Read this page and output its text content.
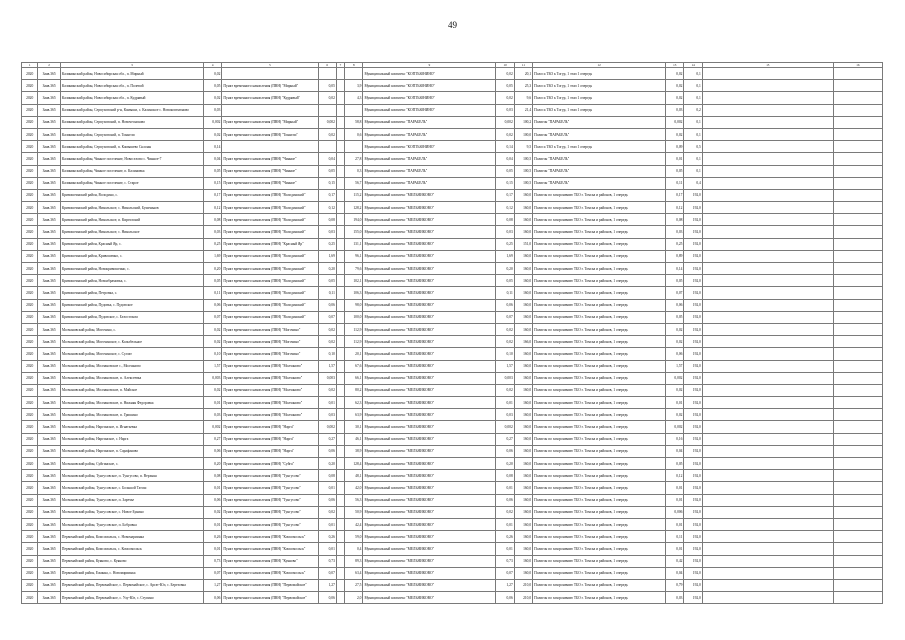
49
1	2	3	4	5	6	7	8	9	10	11	12	13	14	15	16
2020	Заяв.365	Калининский район, Новосибирская обл., п. Мирный	0,02					Муниципальный комплекс "КОПТЬЮНИНО"	0,02	20,1	Полоса ТБО к Тогур, 1 этап 1 очередь	0,02	0,1		
2020	Заяв.365	Калининский район, Новосибирская обл., п. Полевой	0,05	Пункт временного накопления (ПВН) "Мирный"	0,05		3,9	Муниципальный комплекс "КОПТЬЮНИНО"	0,05	25,3	Полоса ТБО к Тогур, 1 этап 1 очередь	0,02	0,1		
2020	Заяв.365	Калининский район, Новосибирская обл., п. Кудрявый	0,02	Пункт временного накопления (ПВН) "Кудрявый"	0,02		4,3	Муниципальный комплекс "КОПТЬЮНИНО"	0,02	9,6	Полоса ТБО к Тогур, 1 этап 1 очередь	0,02	0,1		
2020	Заяв.365	Калининский район, Серпуховский р-н, Камыши, с. Калинское с. Новокоптьюново	0,03					Муниципальный комплекс "КОПТЬЮНИНО"	0,03	21,4	Полоса ТБО к Тогур, 1 этап 1 очередь	0,03	0,2		
2020	Заяв.365	Калининский район, Серпуховский, п. Новочесноково	0,002	Пункт временного накопления (ПВН) "Мирный"	0,002		58,8	Муниципальный комплекс "ПАРАБЕЛЬ"	0,002	100,2	Полигон "ПАРАБЕЛЬ"	0,002	0,1		
2020	Заяв.365	Калининский район, Серпуховский, п. Тоннели	0,02	Пункт временного накопления (ПВН) "Тоннели"	0,02		0,6	Муниципальный комплекс "ПАРАБЕЛЬ"	0,02	100,0	Полигон "ПАРАБЕЛЬ"	0,02	0,1		
2020	Заяв.365	Калининский район, Серпуховский, п. Камышево Склоны	0,14					Муниципальный комплекс "КОПТЬЮНИНО"	0,14	9,5	Полоса ТБО к Тогур, 1 этап 1 очередь	0,09	0,5		
2020	Заяв.365	Калининский район, Чинное поселение, Новоселово с. Чинное-7	0,04	Пункт временного накопления (ПВН) "Чинное"	0,04		27,8	Муниципальный комплекс "ПАРАБЕЛЬ"	0,04	100,5	Полигон "ПАРАБЕЛЬ"	0,01	0,1		
2020	Заяв.365	Калининский район, Чинное поселение, п. Калиновка	0,05	Пункт временного накопления (ПВН) "Чинное"	0,05		0,3	Муниципальный комплекс "ПАРАБЕЛЬ"	0,05	100,5	Полигон "ПАРАБЕЛЬ"	0,05	0,1		
2020	Заяв.365	Калининский район, Чинное поселение, с. Старое	0,15	Пункт временного накопления (ПВН) "Чинное"	0,15		56,7	Муниципальный комплекс "ПАРАБЕЛЬ"	0,15	100,5	Полигон "ПАРАБЕЛЬ"	0,11	0,4		
2020	Заяв.365	Кривошеинский район, Володино, с.	0,17	Пункт временного накопления (ПВН) "Володинский"	0,17		115,2	Муниципальный комплекс "МЕЛЬНИКОВО"	0,17	160,0	Полигон по захоронению ТБО г. Томска и районов, 1 очередь	0,17	192,0		
2020	Заяв.365	Кривошеинский район, Никольское, с. Никольский, Бушеньков	0,12	Пункт временного накопления (ПВН) "Володинский"	0,12		128,2	Муниципальный комплекс "МЕЛЬНИКОВО"	0,12	160,0	Полигон по захоронению ТБО г. Томска и районов, 1 очередь	0,12	192,0		
2020	Заяв.365	Кривошеинский район, Никольское, п. Киргизский	0,08	Пункт временного накопления (ПВН) "Володинский"	0,08		194,0	Муниципальный комплекс "МЕЛЬНИКОВО"	0,08	160,0	Полигон по захоронению ТБО г. Томска и районов, 1 очередь	0,08	192,0		
2020	Заяв.365	Кривошеинский район, Никольское, с. Никольское	0,03	Пункт временного накопления (ПВН) "Володинский"	0,03		155,0	Муниципальный комплекс "МЕЛЬНИКОВО"	0,03	160,0	Полигон по захоронению ТБО г. Томска и районов, 1 очередь	0,03	192,0		
2020	Заяв.365	Кривошеинский район, Красный Яр, с.	0,25	Пункт временного накопления (ПВН) "Красный Яр"	0,25		131,1	Муниципальный комплекс "МЕЛЬНИКОВО"	0,25	151,0	Полигон по захоронению ТБО г. Томска и районов, 1 очередь	0,25	192,0		
2020	Заяв.365	Кривошеинский район, Кривошеино, с.	1,69	Пункт временного накопления (ПВН) "Володинский"	1,69		96,1	Муниципальный комплекс "МЕЛЬНИКОВО"	1,69	160,0	Полигон по захоронению ТБО г. Томска и районов, 1 очередь	0,89	192,0		
2020	Заяв.365	Кривошеинский район, Новокривошеино, с.	0,20	Пункт временного накопления (ПВН) "Володинский"	0,20		79,6	Муниципальный комплекс "МЕЛЬНИКОВО"	0,20	160,0	Полигон по захоронению ТБО г. Томска и районов, 1 очередь	0,14	192,0		
2020	Заяв.365	Кривошеинский район, Новоабрамовка, с.	0,05	Пункт временного накопления (ПВН) "Володинский"	0,05		102,1	Муниципальный комплекс "МЕЛЬНИКОВО"	0,05	160,0	Полигон по захоронению ТБО г. Томска и районов, 1 очередь	0,05	192,0		
2020	Заяв.365	Кривошеинский район, Петровка, с.	0,11	Пункт временного накопления (ПВН) "Володинский"	0,11		106,3	Муниципальный комплекс "МЕЛЬНИКОВО"	0,11	160,0	Полигон по захоронению ТБО г. Томска и районов, 1 очередь	0,07	192,0		
2020	Заяв.365	Кривошеинский район, Пудовка, с. Пудовское	0,06	Пункт временного накопления (ПВН) "Володинский"	0,06		98,0	Муниципальный комплекс "МЕЛЬНИКОВО"	0,06	160,0	Полигон по захоронению ТБО г. Томска и районов, 1 очередь	0,06	192,0		
2020	Заяв.365	Кривошеинский район, Пудовское, с. Белостоком	0,07	Пункт временного накопления (ПВН) "Володинский"	0,07		100,0	Муниципальный комплекс "МЕЛЬНИКОВО"	0,07	160,0	Полигон по захоронению ТБО г. Томска и районов, 1 очередь	0,05	192,0		
2020	Заяв.365	Молчановский район, Могочино, с.	0,02	Пункт временного накопления (ПВН) "Могочино"	0,02		112,9	Муниципальный комплекс "МЕЛЬНИКОВО"	0,02	160,0	Полигон по захоронению ТБО г. Томска и районов, 1 очередь	0,02	192,0		
2020	Заяв.365	Молчановский район, Могочинское, с. Колыбельное	0,02	Пункт временного накопления (ПВН) "Могочино"	0,02		112,9	Муниципальный комплекс "МЕЛЬНИКОВО"	0,02	166,0	Полигон по захоронению ТБО г. Томска и районов, 1 очередь	0,02	192,0		
2020	Заяв.365	Молчановский район, Могочинское, с. Сулзат	0,10	Пункт временного накопления (ПВН) "Могочино"	0,10		20,1	Муниципальный комплекс "МЕЛЬНИКОВО"	0,10	160,0	Полигон по захоронению ТБО г. Томска и районов, 1 очередь	0,06	192,0		
2020	Заяв.365	Молчановский район, Молчановское с., Молчаново	1,57	Пункт временного накопления (ПВН) "Молчаново"	1,57		67,6	Муниципальный комплекс "МЕЛЬНИКОВО"	1,57	160,0	Полигон по захоронению ТБО г. Томска и районов, 1 очередь	1,57	192,0		
2020	Заяв.365	Молчановский район, Молчановское, п. Алексеевка	0,003	Пункт временного накопления (ПВН) "Молчаново"	0,003		66,1	Муниципальный комплекс "МЕЛЬНИКОВО"	0,003	160,0	Полигон по захоронению ТБО г. Томска и районов, 1 очередь	0,002	192,0		
2020	Заяв.365	Молчановский район, Молчановское, п. Майское	0,02	Пункт временного накопления (ПВН) "Молчаново"	0,02		80,2	Муниципальный комплекс "МЕЛЬНИКОВО"	0,02	160,0	Полигон по захоронению ТБО г. Томска и районов, 1 очередь	0,02	192,0		
2020	Заяв.365	Молчановский район, Молчановское, п. Нижняя Федоровка	0,01	Пункт временного накопления (ПВН) "Молчаново"	0,01		62,3	Муниципальный комплекс "МЕЛЬНИКОВО"	0,01	160,0	Полигон по захоронению ТБО г. Томска и районов, 1 очередь	0,01	192,0		
2020	Заяв.365	Молчановский район, Молчановское, п. Гришино	0,03	Пункт временного накопления (ПВН) "Молчаново"	0,03		63,9	Муниципальный комплекс "МЕЛЬНИКОВО"	0,03	160,0	Полигон по захоронению ТБО г. Томска и районов, 1 очередь	0,02	192,0		
2020	Заяв.365	Молчановский район, Наргинское, п. Игнатьевка	0,002	Пункт временного накопления (ПВН) "Нарга"	0,002		30,1	Муниципальный комплекс "МЕЛЬНИКОВО"	0,002	160,0	Полигон по захоронению ТБО г. Томска и районов, 1 очередь	0,002	192,0		
2020	Заяв.365	Молчановский район, Наргинское, с. Нарга	0,27	Пункт временного накопления (ПВН) "Нарга"	0,27		46,1	Муниципальный комплекс "МЕЛЬНИКОВО"	0,27	160,0	Полигон по захоронению ТБО г. Томска и районов, 1 очередь	0,16	192,0		
2020	Заяв.365	Молчановский район, Наргинское, п. Сарафаново	0,06	Пункт временного накопления (ПВН) "Нарга"	0,06		38,9	Муниципальный комплекс "МЕЛЬНИКОВО"	0,06	160,0	Полигон по захоронению ТБО г. Томска и районов, 1 очередь	0,04	192,0		
2020	Заяв.365	Молчановский район, Суйгинское, с.	0,20	Пункт временного накопления (ПВН) "Суйга"	0,20		128,4	Муниципальный комплекс "МЕЛЬНИКОВО"	0,20	160,0	Полигон по захоронению ТБО г. Томска и районов, 1 очередь	0,05	192,0		
2020	Заяв.365	Молчановский район, Тунгусовское, п. Тунгусово, п. Верхняя	0,08	Пункт временного накопления (ПВН) "Тунгусово"	0,08		48,1	Муниципальный комплекс "МЕЛЬНИКОВО"	0,08	160,0	Полигон по захоронению ТБО г. Томска и районов, 1 очередь	0,12	192,0		
2020	Заяв.365	Молчановский район, Тунгусовское, с. Большой Татош	0,01	Пункт временного накопления (ПВН) "Тунгусово"	0,01		42,0	Муниципальный комплекс "МЕЛЬНИКОВО"	0,01	160,0	Полигон по захоронению ТБО г. Томска и районов, 1 очередь	0,01	192,0		
2020	Заяв.365	Молчановский район, Тунгусовское, п. Заречье	0,06	Пункт временного накопления (ПВН) "Тунгусово"	0,06		56,3	Муниципальный комплекс "МЕЛЬНИКОВО"	0,06	160,0	Полигон по захоронению ТБО г. Томска и районов, 1 очередь	0,01	192,0		
2020	Заяв.365	Молчановский район, Тунгусовское, с. Новое Бунино	0,02	Пункт временного накопления (ПВН) "Тунгусово"	0,02		50,9	Муниципальный комплекс "МЕЛЬНИКОВО"	0,02	160,0	Полигон по захоронению ТБО г. Томска и районов, 1 очередь	0,006	192,0		
2020	Заяв.365	Молчановский район, Тунгусовское, п. Бобровка	0,01	Пункт временного накопления (ПВН) "Тунгусово"	0,01		42,4	Муниципальный комплекс "МЕЛЬНИКОВО"	0,01	160,0	Полигон по захоронению ТБО г. Томска и районов, 1 очередь	0,01	192,0		
2020	Заяв.365	Первомайский район, Комсомольск, с. Новомариинка	0,26	Пункт временного накопления (ПВН) "Комсомольск"	0,26		59,0	Муниципальный комплекс "МЕЛЬНИКОВО"	0,26	160,0	Полигон по захоронению ТБО г. Томска и районов, 1 очередь	0,11	192,0		
2020	Заяв.365	Первомайский район, Комсомольск, с. Комсомольск	0,01	Пункт временного накопления (ПВН) "Комсомольск"	0,01		0,4	Муниципальный комплекс "МЕЛЬНИКОВО"	0,01	160,0	Полигон по захоронению ТБО г. Томска и районов, 1 очередь	0,01	192,0		
2020	Заяв.365	Первомайский район, Куяново, с. Куяново	0,73	Пункт временного накопления (ПВН) "Куяново"	0,73		89,3	Муниципальный комплекс "МЕЛЬНИКОВО"	0,73	160,0	Полигон по захоронению ТБО г. Томска и районов, 1 очередь	0,42	192,0		
2020	Заяв.365	Первомайский район, Ежинка, с. Новомариинка	0,07	Пункт временного накопления (ПВН) "Комсомольск"	0,07		63,4	Муниципальный комплекс "МЕЛЬНИКОВО"	0,07	160,0	Полигон по захоронению ТБО г. Томска и районов, 1 очередь	0,04	192,0		
2020	Заяв.365	Первомайский район, Первомайское, с. Первомайское, с. Аргат-Юл, с. Березовка	1,27	Пункт временного накопления (ПВН) "Первомайское"	1,27		27,5	Муниципальный комплекс "МЕЛЬНИКОВО"	1,27	210,0	Полигон по захоронению ТБО г. Томска и районов, 1 очередь	0,79	192,0		
2020	Заяв.365	Первомайский район, Первомайское, с. Улу-Юл, с. Ступино	0,06	Пункт временного накопления (ПВН) "Первомайское"	0,06		2,0	Муниципальный комплекс "МЕЛЬНИКОВО"	0,06	210,0	Полигон по захоронению ТБО г. Томска и районов, 1 очередь	0,03	192,0		
